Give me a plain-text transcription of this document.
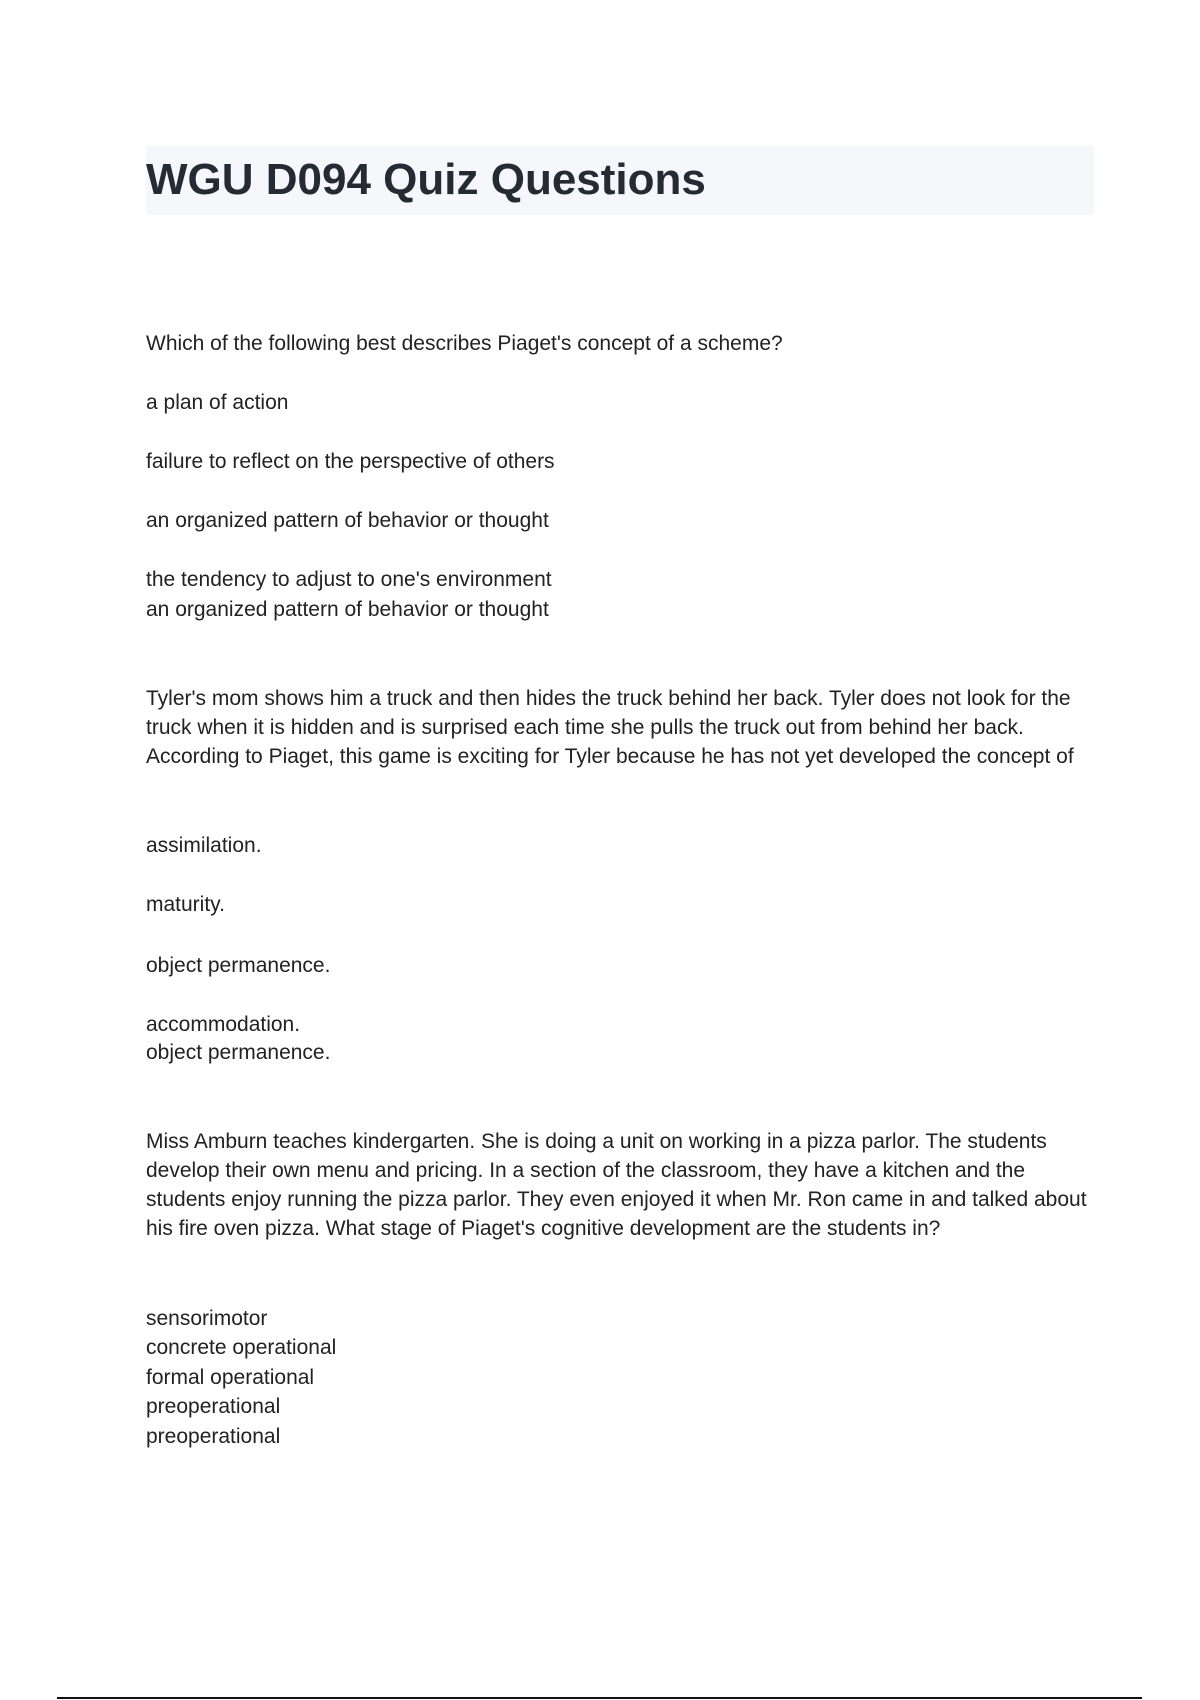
WGU D094 Quiz Questions
Which of the following best describes Piaget's concept of a scheme?
a plan of action
failure to reflect on the perspective of others
an organized pattern of behavior or thought
the tendency to adjust to one's environment
an organized pattern of behavior or thought
Tyler's mom shows him a truck and then hides the truck behind her back. Tyler does not look for the truck when it is hidden and is surprised each time she pulls the truck out from behind her back. According to Piaget, this game is exciting for Tyler because he has not yet developed the concept of
assimilation.
maturity.
object permanence.
accommodation.
object permanence.
Miss Amburn teaches kindergarten. She is doing a unit on working in a pizza parlor. The students develop their own menu and pricing. In a section of the classroom, they have a kitchen and the students enjoy running the pizza parlor. They even enjoyed it when Mr. Ron came in and talked about his fire oven pizza. What stage of Piaget's cognitive development are the students in?
sensorimotor
concrete operational
formal operational
preoperational
preoperational
